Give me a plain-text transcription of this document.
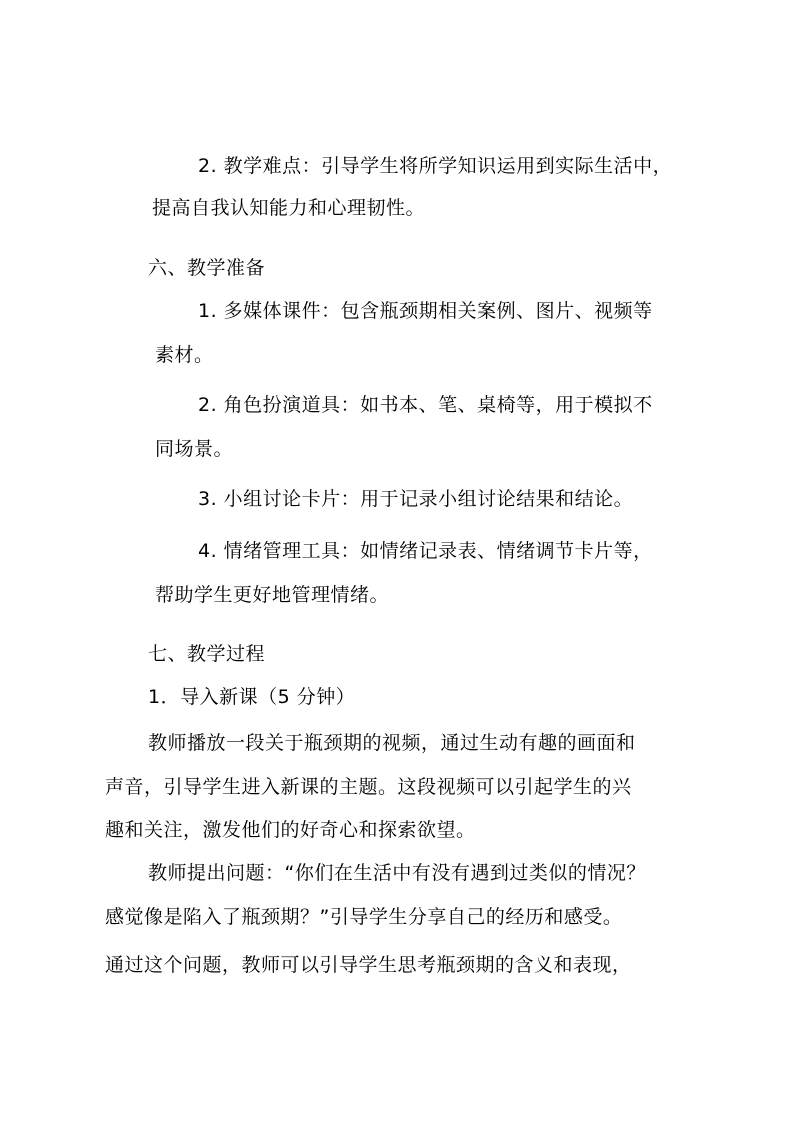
2. 教学难点：引导学生将所学知识运用到实际生活中，
提高自我认知能力和心理韧性。
六、教学准备
1. 多媒体课件：包含瓶颈期相关案例、图片、视频等
素材。
2. 角色扮演道具：如书本、笔、桌椅等，用于模拟不
同场景。
3. 小组讨论卡片：用于记录小组讨论结果和结论。
4. 情绪管理工具：如情绪记录表、情绪调节卡片等，
帮助学生更好地管理情绪。
七、教学过程
1．导入新课（5 分钟）
教师播放一段关于瓶颈期的视频，通过生动有趣的画面和
声音，引导学生进入新课的主题。这段视频可以引起学生的兴
趣和关注，激发他们的好奇心和探索欲望。
教师提出问题：“你们在生活中有没有遇到过类似的情况？
感觉像是陷入了瓶颈期？”引导学生分享自己的经历和感受。
通过这个问题，教师可以引导学生思考瓶颈期的含义和表现，
